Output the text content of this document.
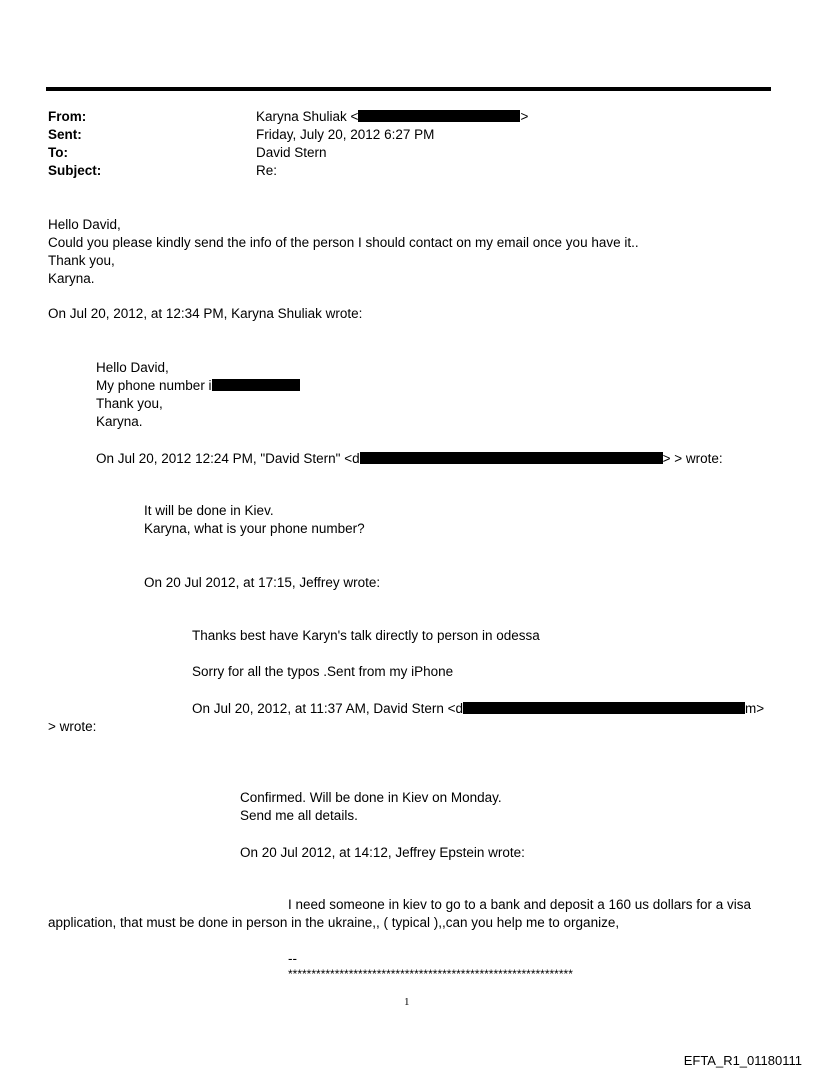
From:	Karyna Shuliak <	>
Sent:	Friday, July 20, 2012 6:27 PM
To:	David Stern
Subject:	Re:
Hello David,
Could you please kindly send the info of the person I should contact on my email once you have it..
Thank you,
Karyna.
On Jul 20, 2012, at 12:34 PM, Karyna Shuliak wrote:
Hello David,
My phone number i
Thank you,
Karyna.
On Jul 20, 2012 12:24 PM, "David Stern" <d	> > wrote:
It will be done in Kiev.
Karyna, what is your phone number?
On 20 Jul 2012, at 17:15, Jeffrey wrote:
Thanks best have Karyn's talk directly to person in odessa
Sorry for all the typos .Sent from my iPhone
On Jul 20, 2012, at 11:37 AM, David Stern <d	m>
> wrote:
Confirmed. Will be done in Kiev on Monday.
Send me all details.
On 20 Jul 2012, at 14:12, Jeffrey Epstein wrote:
I need someone in kiev to go to a bank and deposit a 160 us dollars for a visa
application, that must be done in person in the ukraine,, ( typical ),,can you help me to organize,
--
*************************************************************
1
EFTA_R1_01180111
